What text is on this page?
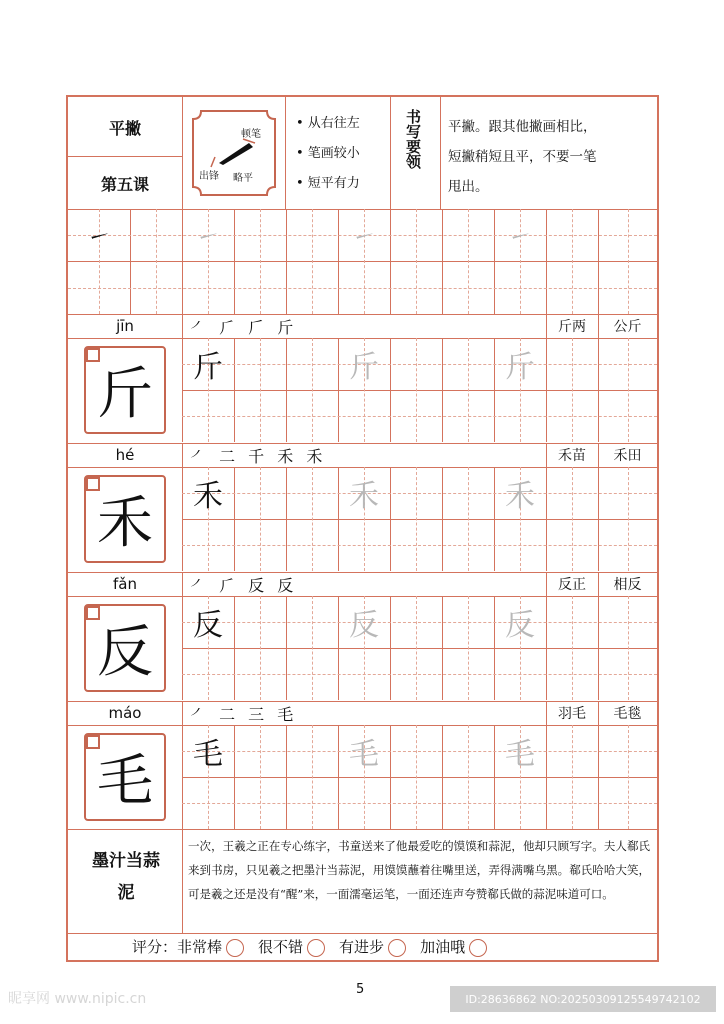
平撇
第五课
顿笔
出锋 略平
• 从右往左
• 笔画较小
• 短平有力
书写要领 平撇。跟其他撇画相比，
短撇稍短且平，不要一笔
甩出。
墨汁当蒜泥
一次，王羲之正在专心练字，书童送来了他最爱吃的馍馍和蒜泥，他却只顾写字。夫人郗氏来到书房，只见羲之把墨汁当蒜泥，用馍馍蘸着往嘴里送，弄得满嘴乌黑。郗氏哈哈大笑，可是羲之还是没有“醒”来，一面濡毫运笔，一面还连声夸赞郗氏做的蒜泥味道可口。
评分：非常棒 很不错 有进步 加油哦
㇀	㇀	㇀	㇀
jīn	㇒ ⺁ 𠂆 斤	斤两	公斤
斤	斤	斤	斤
hé	㇒ 二 千 禾 禾	禾苗	禾田
禾	禾	禾	禾
fǎn	㇒ ⺁ 反 反	反正	相反
反	反	反	反
máo	㇒ 二 三 毛	羽毛	毛毯
毛	毛	毛	毛
5
昵享网 www.nipic.cn	ID:28636862 NO:20250309125549742102
